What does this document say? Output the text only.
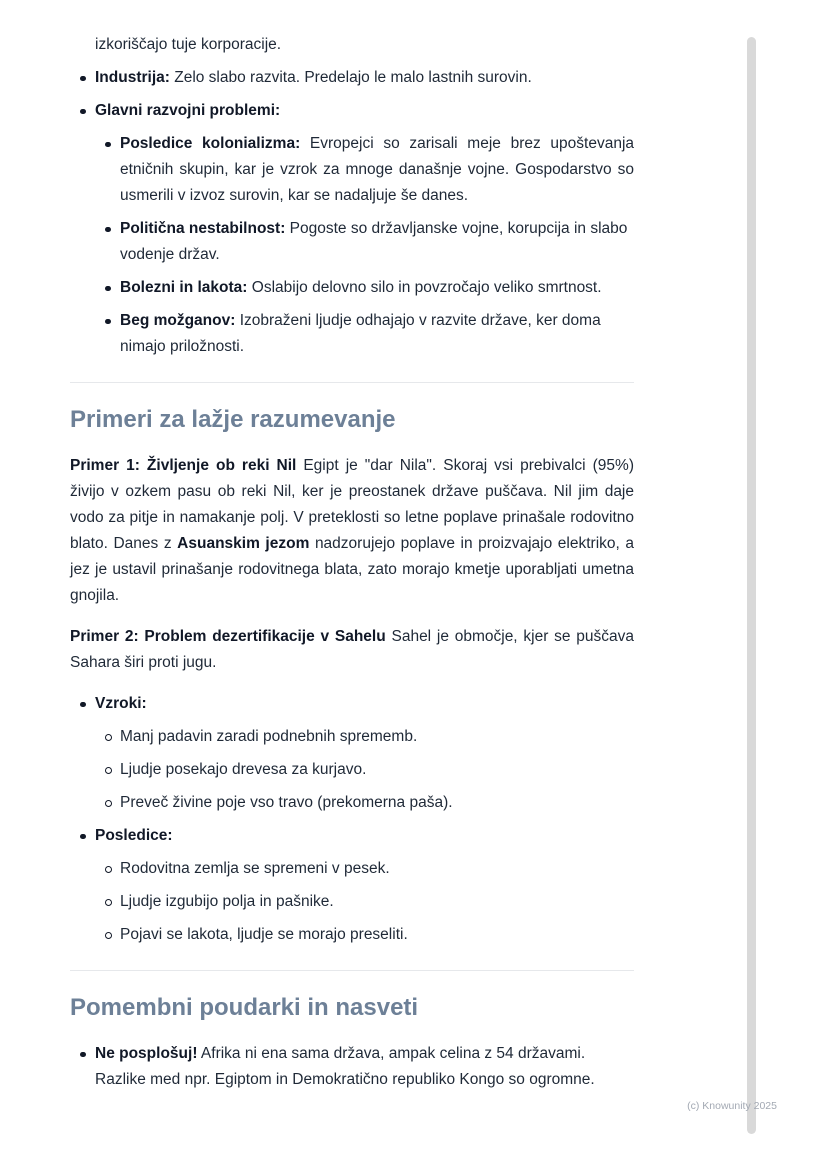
izkoriščajo tuje korporacije.
Industrija: Zelo slabo razvita. Predelajo le malo lastnih surovin.
Glavni razvojni problemi:
Posledice kolonializma: Evropejci so zarisali meje brez upoštevanja etničnih skupin, kar je vzrok za mnoge današnje vojne. Gospodarstvo so usmerili v izvoz surovin, kar se nadaljuje še danes.
Politična nestabilnost: Pogoste so državljanske vojne, korupcija in slabo vodenje držav.
Bolezni in lakota: Oslabijo delovno silo in povzročajo veliko smrtnost.
Beg možganov: Izobraženi ljudje odhajajo v razvite države, ker doma nimajo priložnosti.
Primeri za lažje razumevanje

Primer 1: Življenje ob reki Nil Egipt je "dar Nila". Skoraj vsi prebivalci (95%) živijo v ozkem pasu ob reki Nil, ker je preostanek države puščava. Nil jim daje vodo za pitje in namakanje polj. V preteklosti so letne poplave prinašale rodovitno blato. Danes z Asuanskim jezom nadzorujejo poplave in proizvajajo elektriko, a jez je ustavil prinašanje rodovitnega blata, zato morajo kmetje uporabljati umetna gnojila.

Primer 2: Problem dezertifikacije v Sahelu Sahel je območje, kjer se puščava Sahara širi proti jugu.

Vzroki:
Manj padavin zaradi podnebnih sprememb.
Ljudje posekajo drevesa za kurjavo.
Preveč živine poje vso travo (prekomerna paša).
Posledice:
Rodovitna zemlja se spremeni v pesek.
Ljudje izgubijo polja in pašnike.
Pojavi se lakota, ljudje se morajo preseliti.
Pomembni poudarki in nasveti
Ne posplošuj! Afrika ni ena sama država, ampak celina z 54 državami. Razlike med npr. Egiptom in Demokratično republiko Kongo so ogromne.
(c) Knowunity 2025
